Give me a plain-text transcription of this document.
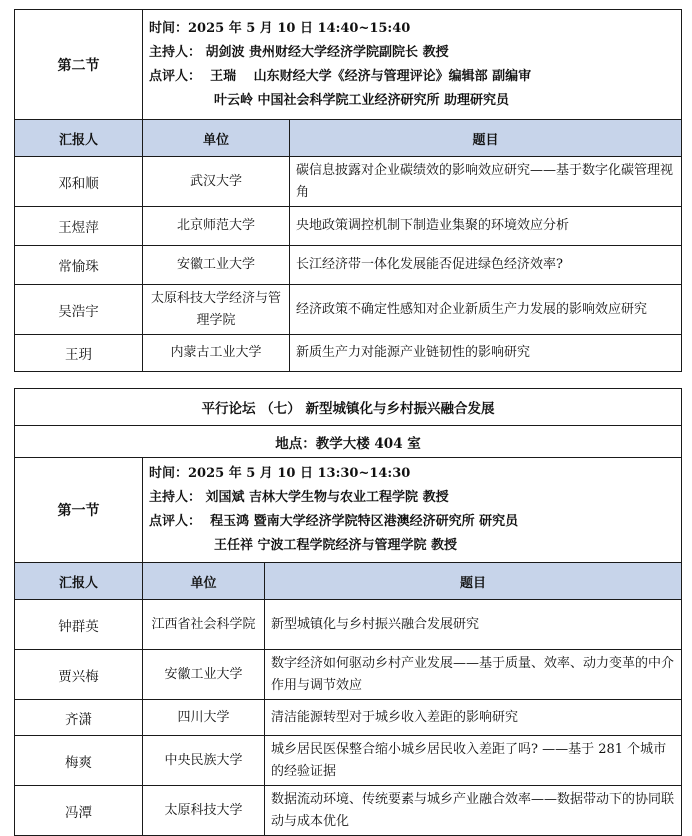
第二节	时间：2025 年 5 月 10 日 14:40~15:40
主持人： 胡剑波 贵州财经大学经济学院副院长 教授
点评人： 王瑞　 山东财经大学《经济与管理评论》编辑部 副编审
叶云岭 中国社会科学院工业经济研究所 助理研究员	

汇报人	单位	题目
邓和顺	武汉大学	碳信息披露对企业碳绩效的影响效应研究——基于数字化碳管理视角
王煜萍	北京师范大学	央地政策调控机制下制造业集聚的环境效应分析
常愉珠	安徽工业大学	长江经济带一体化发展能否促进绿色经济效率?
吴浩宇	太原科技大学经济与管理学院	经济政策不确定性感知对企业新质生产力发展的影响效应研究
王玥	内蒙古工业大学	新质生产力对能源产业链韧性的影响研究
平行论坛 （七） 新型城镇化与乡村振兴融合发展		
地点：教学大楼 404 室		
第一节	时间：2025 年 5 月 10 日 13:30~14:30
主持人： 刘国斌 吉林大学生物与农业工程学院 教授
点评人： 程玉鸿 暨南大学经济学院特区港澳经济研究所 研究员
王任祥 宁波工程学院经济与管理学院 教授	

汇报人	单位	题目
钟群英	江西省社会科学院	新型城镇化与乡村振兴融合发展研究
贾兴梅	安徽工业大学	数字经济如何驱动乡村产业发展——基于质量、效率、动力变革的中介作用与调节效应
齐潇	四川大学	清洁能源转型对于城乡收入差距的影响研究
梅爽	中央民族大学	城乡居民医保整合缩小城乡居民收入差距了吗? ——基于 281 个城市的经验证据
冯潭	太原科技大学	数据流动环境、传统要素与城乡产业融合效率——数据带动下的协同联动与成本优化
